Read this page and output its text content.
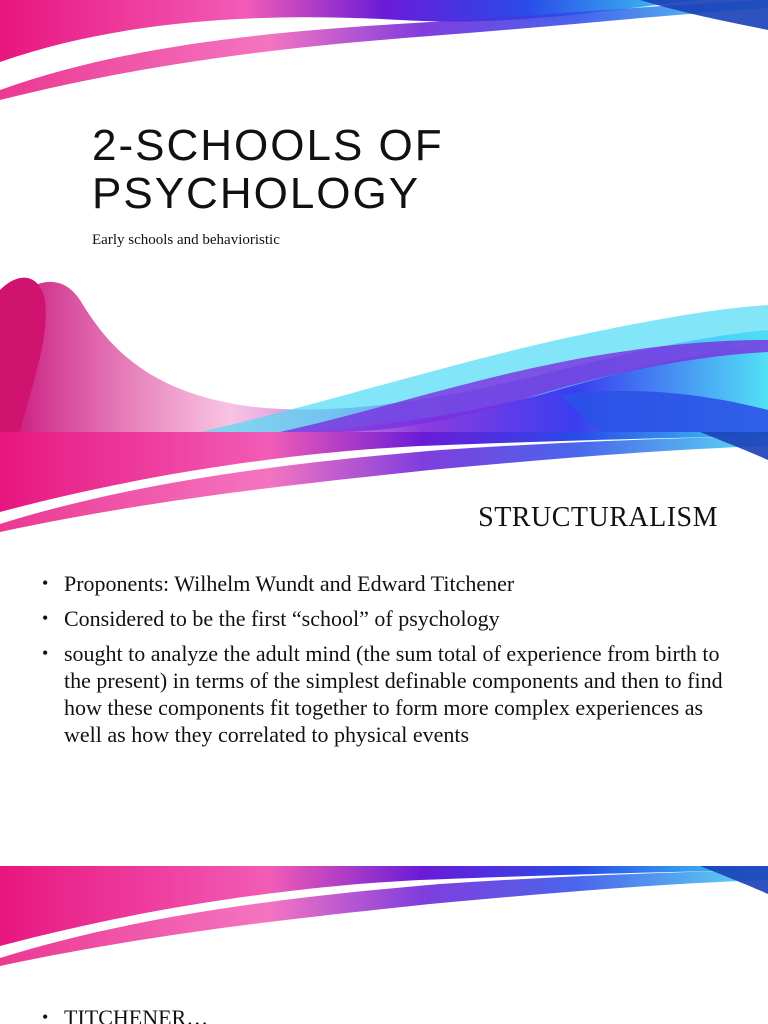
2-SCHOOLS OF
PSYCHOLOGY
Early schools and behavioristic
STRUCTURALISM
• Proponents: Wilhelm Wundt and Edward Titchener
• Considered to be the first “school” of psychology
• sought to analyze the adult mind (the sum total of experience from birth to the present) in terms of the simplest definable components and then to find how these components fit together to form more complex experiences as well as how they correlated to physical events
• TITCHENER…
